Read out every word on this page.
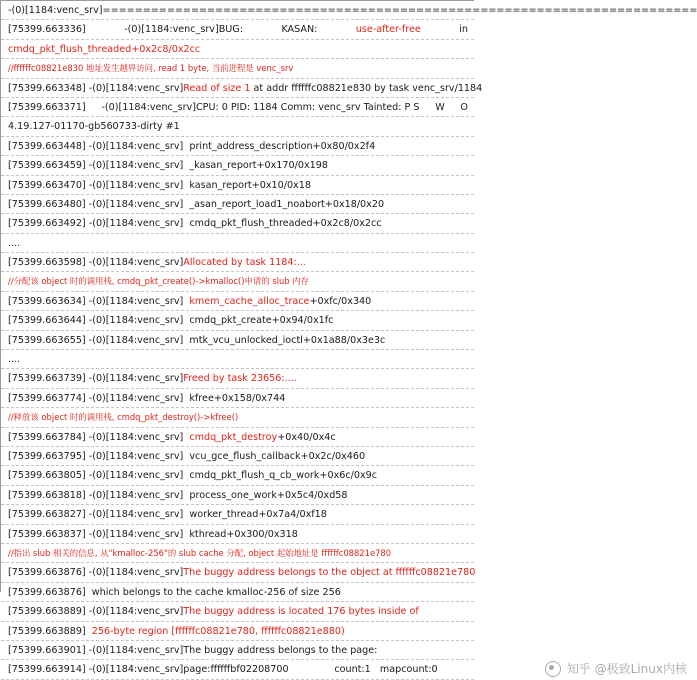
-(0)[1184:venc_srv]==========================================================================
[75399.663336]	-(0)[1184:venc_srv]BUG:	KASAN:	use-after-free	in
cmdq_pkt_flush_threaded+0x2c8/0x2cc
//ffffffc08821e830 地址发生越界访问, read 1 byte, 当前进程是 venc_srv
[75399.663348] -(0)[1184:venc_srv]Read of size 1 at addr ffffffc08821e830 by task venc_srv/1184
[75399.663371] -(0)[1184:venc_srv]CPU: 0 PID: 1184 Comm: venc_srv Tainted: P S W O
4.19.127-01170-gb560733-dirty #1
[75399.663448] -(0)[1184:venc_srv]  print_address_description+0x80/0x2f4
[75399.663459] -(0)[1184:venc_srv]  _kasan_report+0x170/0x198
[75399.663470] -(0)[1184:venc_srv]  kasan_report+0x10/0x18
[75399.663480] -(0)[1184:venc_srv]  _asan_report_load1_noabort+0x18/0x20
[75399.663492] -(0)[1184:venc_srv]  cmdq_pkt_flush_threaded+0x2c8/0x2cc
....
[75399.663598] -(0)[1184:venc_srv]Allocated by task 1184:...
//分配该 object 时的调用栈, cmdq_pkt_create()->kmalloc()申请的 slub 内存
[75399.663634] -(0)[1184:venc_srv]  kmem_cache_alloc_trace+0xfc/0x340
[75399.663644] -(0)[1184:venc_srv]  cmdq_pkt_create+0x94/0x1fc
[75399.663655] -(0)[1184:venc_srv]  mtk_vcu_unlocked_ioctl+0x1a88/0x3e3c
....
[75399.663739] -(0)[1184:venc_srv]Freed by task 23656:....
[75399.663774] -(0)[1184:venc_srv]  kfree+0x158/0x744
//释放该 object 时的调用栈, cmdq_pkt_destroy()->kfree()
[75399.663784] -(0)[1184:venc_srv]  cmdq_pkt_destroy+0x40/0x4c
[75399.663795] -(0)[1184:venc_srv]  vcu_gce_flush_callback+0x2c/0x460
[75399.663805] -(0)[1184:venc_srv]  cmdq_pkt_flush_q_cb_work+0x6c/0x9c
[75399.663818] -(0)[1184:venc_srv]  process_one_work+0x5c4/0xd58
[75399.663827] -(0)[1184:venc_srv]  worker_thread+0x7a4/0xf18
[75399.663837] -(0)[1184:venc_srv]  kthread+0x300/0x318
//指出 slub 相关的信息, 从"kmalloc-256"的 slub cache 分配, object 起始地址是 ffffffc08821e780
[75399.663876] -(0)[1184:venc_srv]The buggy address belongs to the object at ffffffc08821e780
[75399.663876]  which belongs to the cache kmalloc-256 of size 256
[75399.663889] -(0)[1184:venc_srv]The buggy address is located 176 bytes inside of
[75399.663889]  256-byte region [ffffffc08821e780, ffffffc08821e880)
[75399.663901] -(0)[1184:venc_srv]The buggy address belongs to the page:
[75399.663914] -(0)[1184:venc_srv]page:ffffffbf02208700               count:1   mapcount:0	知乎 @极致Linux内核
